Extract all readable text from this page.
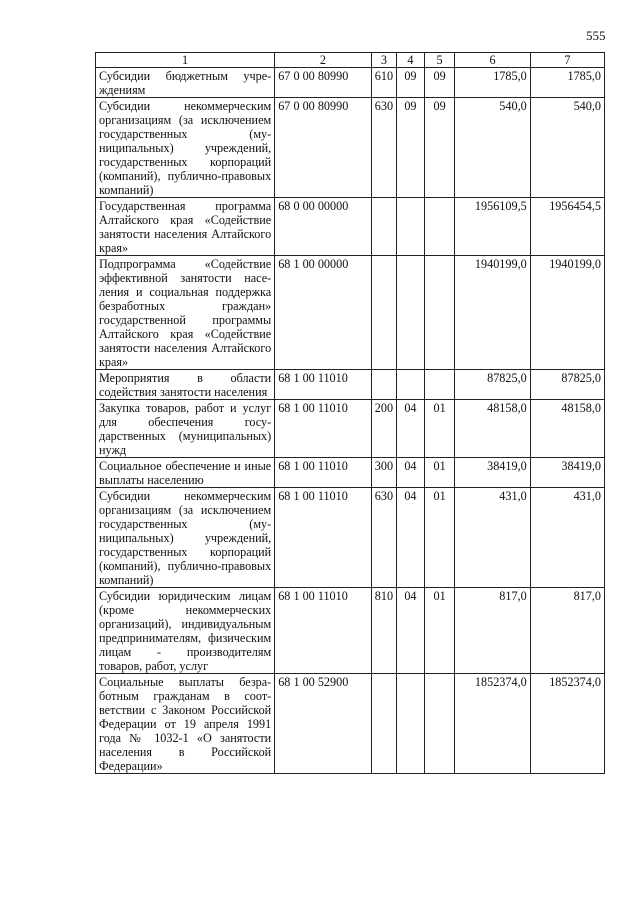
555
1	2	3	4	5	6	7
Субсидии бюджетным учреждениям	67 0 00 80990	610	09	09	1785,0	1785,0
Субсидии некоммерческим организациям (за исключением государственных (муниципальных) учреждений, государственных корпораций (компаний), публично-правовых компаний)	67 0 00 80990	630	09	09	540,0	540,0
Государственная программа Алтайского края «Содействие занятости населения Алтайского края»	68 0 00 00000				1956109,5	1956454,5
Подпрограмма «Содействие эффективной занятости населения и социальная поддержка безработных граждан» государственной программы Алтайского края «Содействие занятости населения Алтайского края»	68 1 00 00000				1940199,0	1940199,0
Мероприятия в области содействия занятости населения	68 1 00 11010				87825,0	87825,0
Закупка товаров, работ и услуг для обеспечения государственных (муниципальных) нужд	68 1 00 11010	200	04	01	48158,0	48158,0
Социальное обеспечение и иные выплаты населению	68 1 00 11010	300	04	01	38419,0	38419,0
Субсидии некоммерческим организациям (за исключением государственных (муниципальных) учреждений, государственных корпораций (компаний), публично-правовых компаний)	68 1 00 11010	630	04	01	431,0	431,0
Субсидии юридическим лицам (кроме некоммерческих организаций), индивидуальным предпринимателям, физическим лицам - производителям товаров, работ, услуг	68 1 00 11010	810	04	01	817,0	817,0
Социальные выплаты безработным гражданам в соответствии с Законом Российской Федерации от 19 апреля 1991 года № 1032-1 «О занятости населения в Российской Федерации»	68 1 00 52900				1852374,0	1852374,0
